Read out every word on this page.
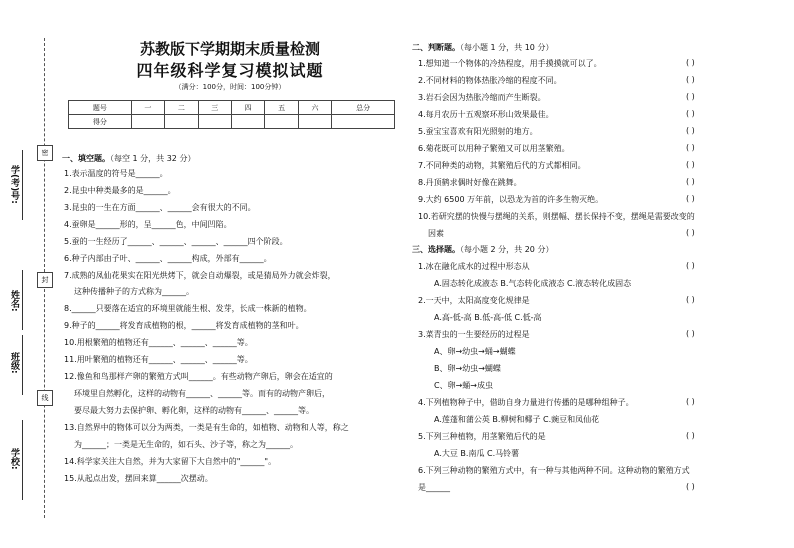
密
封
线
学(考)号:
姓名:
班级:
学校:
苏教版下学期期末质量检测
四年级科学复习模拟试题
（满分：100分，时间：100分钟）
题号	一	二	三	四	五	六	总分
得分							
一、填空题。（每空 1 分，共 32 分）
1.表示温度的符号是______。
2.昆虫中种类最多的是______。
3.昆虫的一生在方面______、______会有很大的不同。
4.蚕卵是______形的，呈______色，中间凹陷。
5.蚕的一生经历了______、______、______、______四个阶段。
6.种子内部由子叶、______、______构成，外部有______。
7.成熟的凤仙花果实在阳光烘烤下，就会自动爆裂，或是猜局外力就会炸裂，
这种传播种子的方式称为______。
8.______只要落在适宜的环境里就能生根、发芽，长成一株新的植物。
9.种子的______将发育成植物的根，______将发育成植物的茎和叶。
10.用根繁殖的植物还有______、______、______等。
11.用叶繁殖的植物还有______、______、______等。
12.像鱼和鸟那样产卵的繁殖方式叫______。有些动物产卵后，卵会在适宜的
环境里自然孵化，这样的动物有______、______等。而有的动物产卵后，
要尽最大努力去保护卵、孵化卵，这样的动物有______、______等。
13.自然界中的物体可以分为两类，一类是有生命的，如植物、动物和人等，称之
为______；一类是无生命的，如石头、沙子等，称之为______。
14.科学家关注大自然，并为大家留下大自然中的"______"。
15.从起点出发，摆回来算______次摆动。
二、判断题。（每小题 1 分，共 10 分）
1.想知道一个物体的冷热程度，用手摸摸就可以了。	( )
2.不同材料的物体热胀冷缩的程度不同。	( )
3.岩石会因为热胀冷缩而产生断裂。	( )
4.每月农历十五观察环形山效果最佳。	( )
5.蚕宝宝喜欢有阳光照射的地方。	( )
6.菊花既可以用种子繁殖又可以用茎繁殖。	( )
7.不同种类的动物，其繁殖后代的方式都相同。	( )
8.丹顶鹤求偶时好像在跳舞。	( )
9.大约 6500 万年前，以恐龙为首的许多生物灭绝。	( )
10.若研究摆的快慢与摆绳的关系，则摆幅、摆长保持不变，摆绳是需要改变的
因素	( )
三、选择题。（每小题 2 分，共 20 分）
1.冰在融化成水的过程中形态从	( )
A.固态转化成液态 B.气态转化成液态 C.液态转化成固态
2.一天中，太阳高度变化规律是	( )
A.高-低-高 B.低-高-低 C.低-高
3.菜青虫的一生要经历的过程是	( )
A、卵→幼虫→蛹→蝴蝶
B、卵→幼虫→蝴蝶
C、卵→蛹→成虫
4.下列植物种子中，借助自身力量进行传播的是哪种组种子。	( )
A.莲蓬和蒲公英 B.柳树和椰子 C.豌豆和凤仙花
5.下列三种植物，用茎繁殖后代的是	( )
A.大豆 B.南瓜 C.马铃薯
6.下列三种动物的繁殖方式中，有一种与其他两种不同。这种动物的繁殖方式
是______	( )
